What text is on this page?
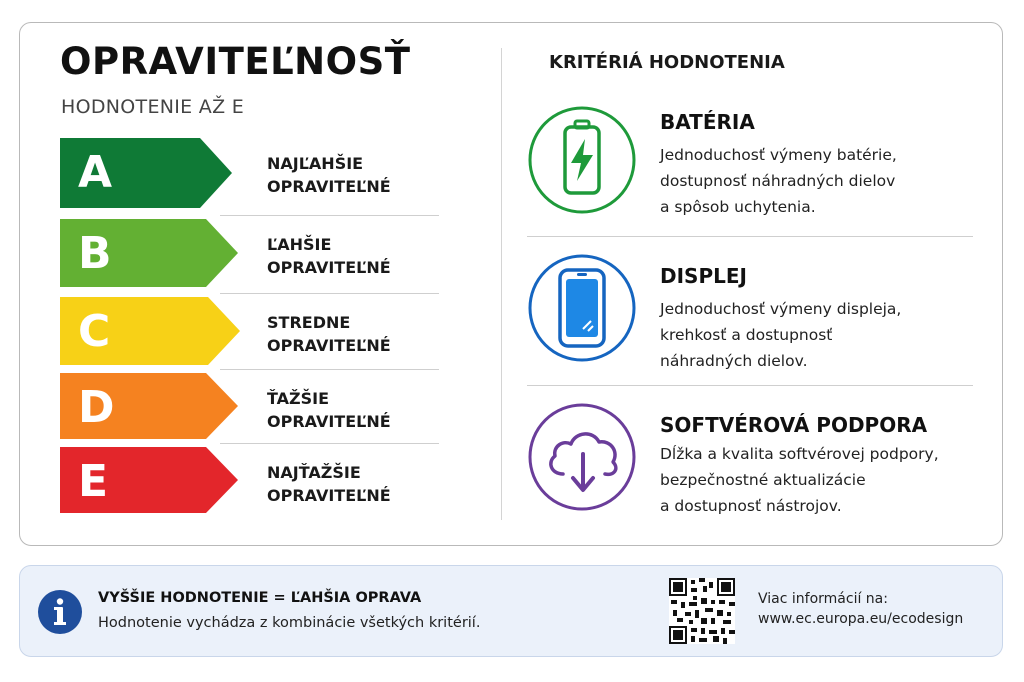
OPRAVITEĽNOSŤ
HODNOTENIE AŽ E
A	NAJĽAHŠIE
OPRAVITEĽNÉ
B	ĽAHŠIE
OPRAVITEĽNÉ
C	STREDNE
OPRAVITEĽNÉ
D	ŤAŽŠIE
OPRAVITEĽNÉ
E	NAJŤAŽŠIE
OPRAVITEĽNÉ
KRITÉRIÁ HODNOTENIA
BATÉRIA
Jednoduchosť výmeny batérie,
dostupnosť náhradných dielov
a spôsob uchytenia.
DISPLEJ
Jednoduchosť výmeny displeja,
krehkosť a dostupnosť
náhradných dielov.
SOFTVÉROVÁ PODPORA
Dĺžka a kvalita softvérovej podpory,
bezpečnostné aktualizácie
a dostupnosť nástrojov.
VYŠŠIE HODNOTENIE = ĽAHŠIA OPRAVA
Hodnotenie vychádza z kombinácie všetkých kritérií.
Viac informácií na:
www.ec.europa.eu/ecodesign
